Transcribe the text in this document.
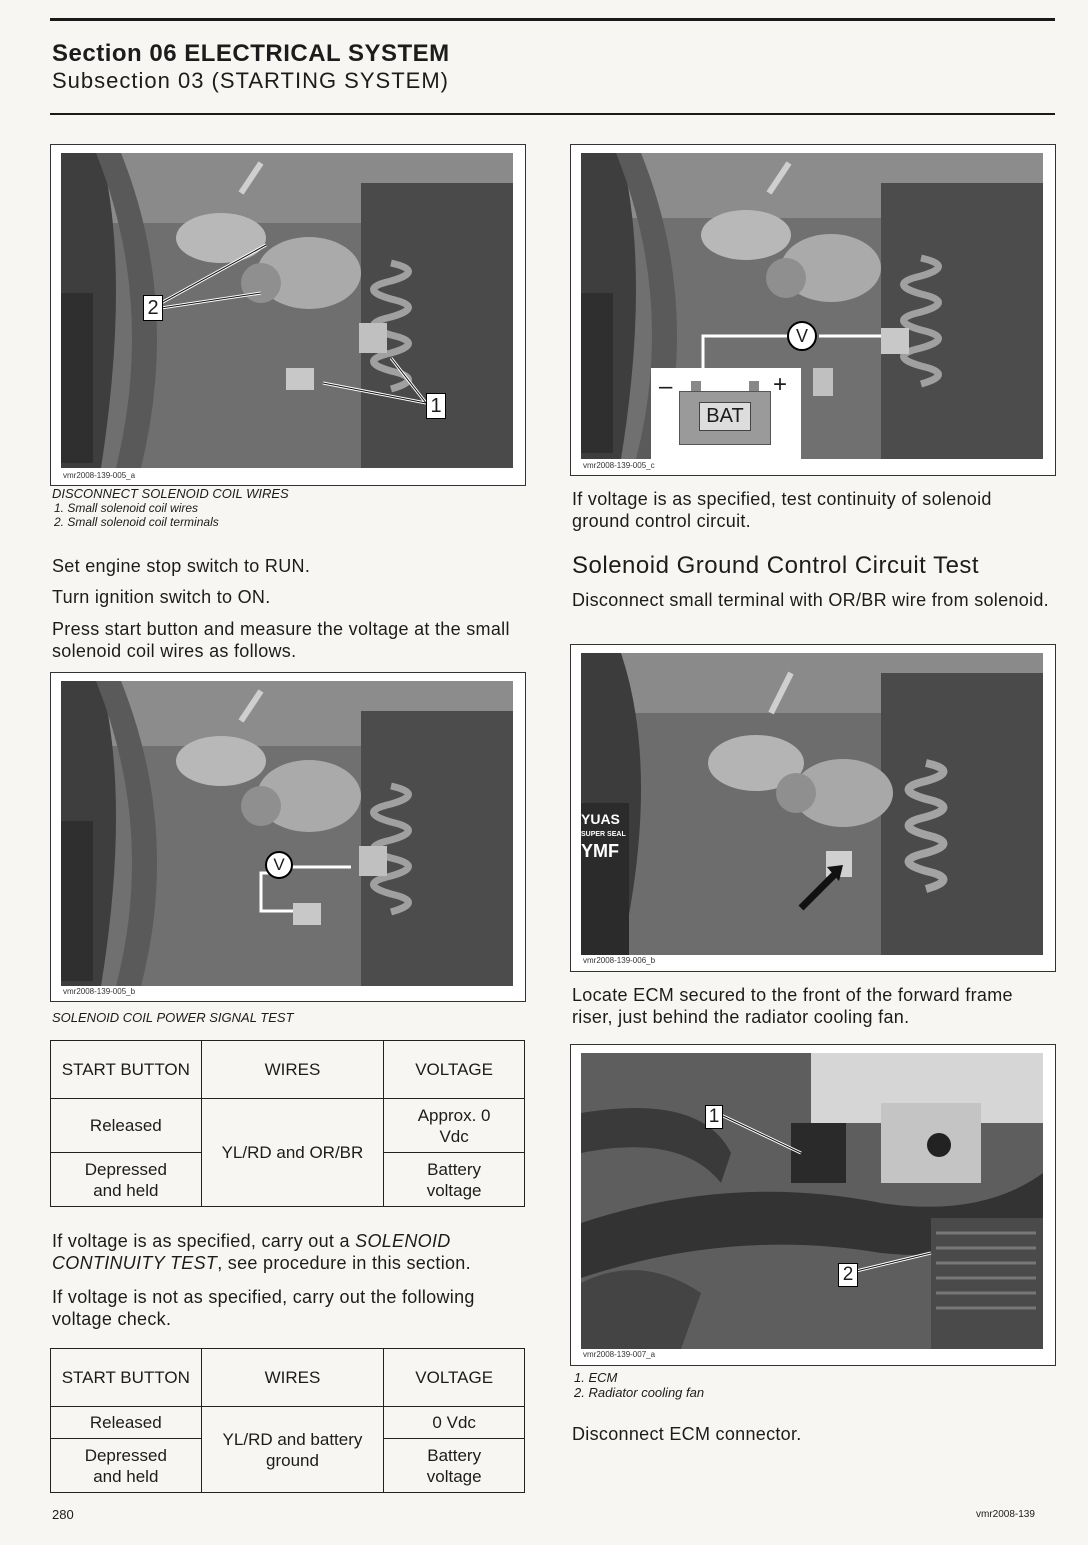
Section 06 ELECTRICAL SYSTEM
Subsection 03 (STARTING SYSTEM)
2
1
vmr2008-139-005_a
DISCONNECT SOLENOID COIL WIRES
1. Small solenoid coil wires
2. Small solenoid coil terminals
Set engine stop switch to RUN.
Turn ignition switch to ON.
Press start button and measure the voltage at the small solenoid coil wires as follows.
V
vmr2008-139-005_b
SOLENOID COIL POWER SIGNAL TEST
START BUTTON	WIRES	VOLTAGE
Released	YL/RD and OR/BR	Approx. 0 Vdc
Depressed and held		Battery voltage
If voltage is as specified, carry out a SOLENOID CONTINUITY TEST, see procedure in this section.
If voltage is not as specified, carry out the following voltage check.
START BUTTON	WIRES	VOLTAGE
Released	YL/RD and battery ground	0 Vdc
Depressed and held		Battery voltage
V
–	+
BAT
vmr2008-139-005_c
If voltage is as specified, test continuity of solenoid ground control circuit.
Solenoid Ground Control Circuit Test
Disconnect small terminal with OR/BR wire from solenoid.
YUAS
SUPER SEAL
YMF
vmr2008-139-006_b
Locate ECM secured to the front of the forward frame riser, just behind the radiator cooling fan.
1
2
vmr2008-139-007_a
1. ECM
2. Radiator cooling fan
Disconnect ECM connector.
280	vmr2008-139
